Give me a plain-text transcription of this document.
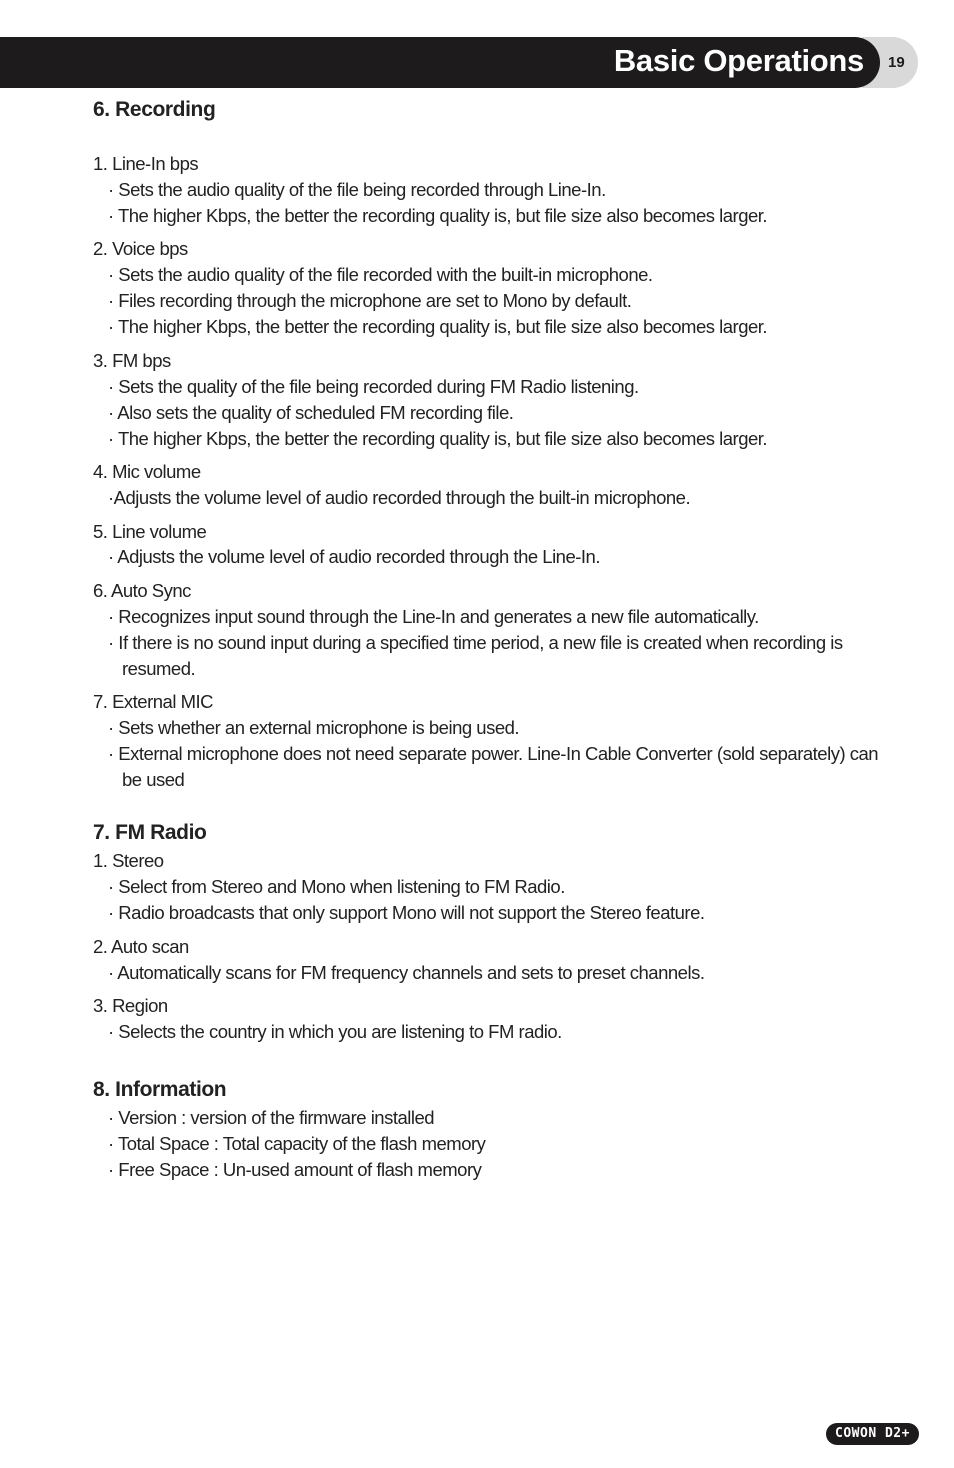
Basic Operations 19
6. Recording
1. Line-In bps
· Sets the audio quality of the file being recorded through Line-In.
· The higher Kbps, the better the recording quality is, but file size also becomes larger.
2. Voice bps
· Sets the audio quality of the file recorded with the built-in microphone.
· Files recording through the microphone are set to Mono by default.
· The higher Kbps, the better the recording quality is, but file size also becomes larger.
3. FM bps
· Sets the quality of the file being recorded during FM Radio listening.
· Also sets the quality of scheduled FM recording file.
· The higher Kbps, the better the recording quality is, but file size also becomes larger.
4. Mic volume
·Adjusts the volume level of audio recorded through the built-in microphone.
5. Line volume
· Adjusts the volume level of audio recorded through the Line-In.
6. Auto Sync
· Recognizes input sound through the Line-In and generates a new file automatically.
· If there is no sound input during a specified time period, a new file is created when recording is
resumed.
7. External MIC
· Sets whether an external microphone is being used.
· External microphone does not need separate power. Line-In Cable Converter (sold separately) can
be used
7. FM Radio
1. Stereo
· Select from Stereo and Mono when listening to FM Radio.
· Radio broadcasts that only support Mono will not support the Stereo feature.
2. Auto scan
· Automatically scans for FM frequency channels and sets to preset channels.
3. Region
· Selects the country in which you are listening to FM radio.
8. Information
· Version : version of the firmware installed
· Total Space : Total capacity of the flash memory
· Free Space : Un-used amount of flash memory
COWON D2+
